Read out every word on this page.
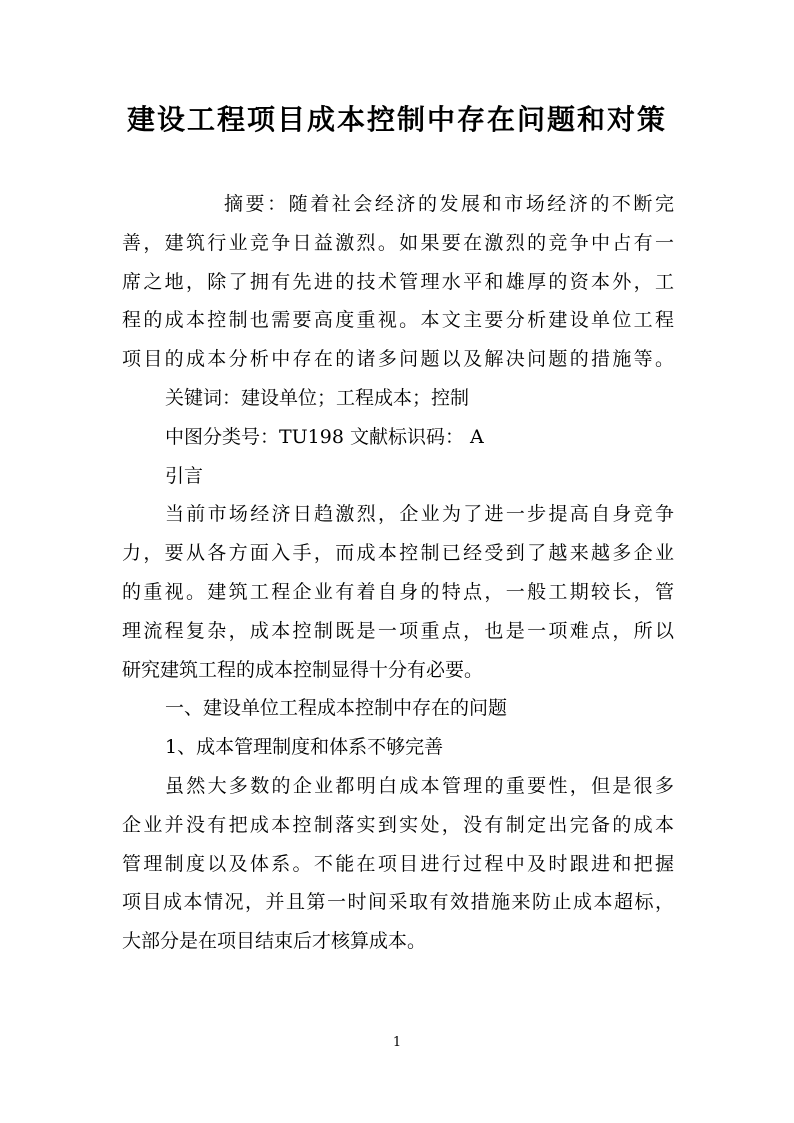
建设工程项目成本控制中存在问题和对策
摘要：随着社会经济的发展和市场经济的不断完
善，建筑行业竞争日益激烈。如果要在激烈的竞争中占有一
席之地，除了拥有先进的技术管理水平和雄厚的资本外，工
程的成本控制也需要高度重视。本文主要分析建设单位工程
项目的成本分析中存在的诸多问题以及解决问题的措施等。
关键词：建设单位；工程成本；控制
中图分类号：TU198 文献标识码： A
引言
当前市场经济日趋激烈，企业为了进一步提高自身竞争
力，要从各方面入手，而成本控制已经受到了越来越多企业
的重视。建筑工程企业有着自身的特点，一般工期较长，管
理流程复杂，成本控制既是一项重点，也是一项难点，所以
研究建筑工程的成本控制显得十分有必要。
一、建设单位工程成本控制中存在的问题
1、成本管理制度和体系不够完善
虽然大多数的企业都明白成本管理的重要性，但是很多
企业并没有把成本控制落实到实处，没有制定出完备的成本
管理制度以及体系。不能在项目进行过程中及时跟进和把握
项目成本情况，并且第一时间采取有效措施来防止成本超标，
大部分是在项目结束后才核算成本。
1
